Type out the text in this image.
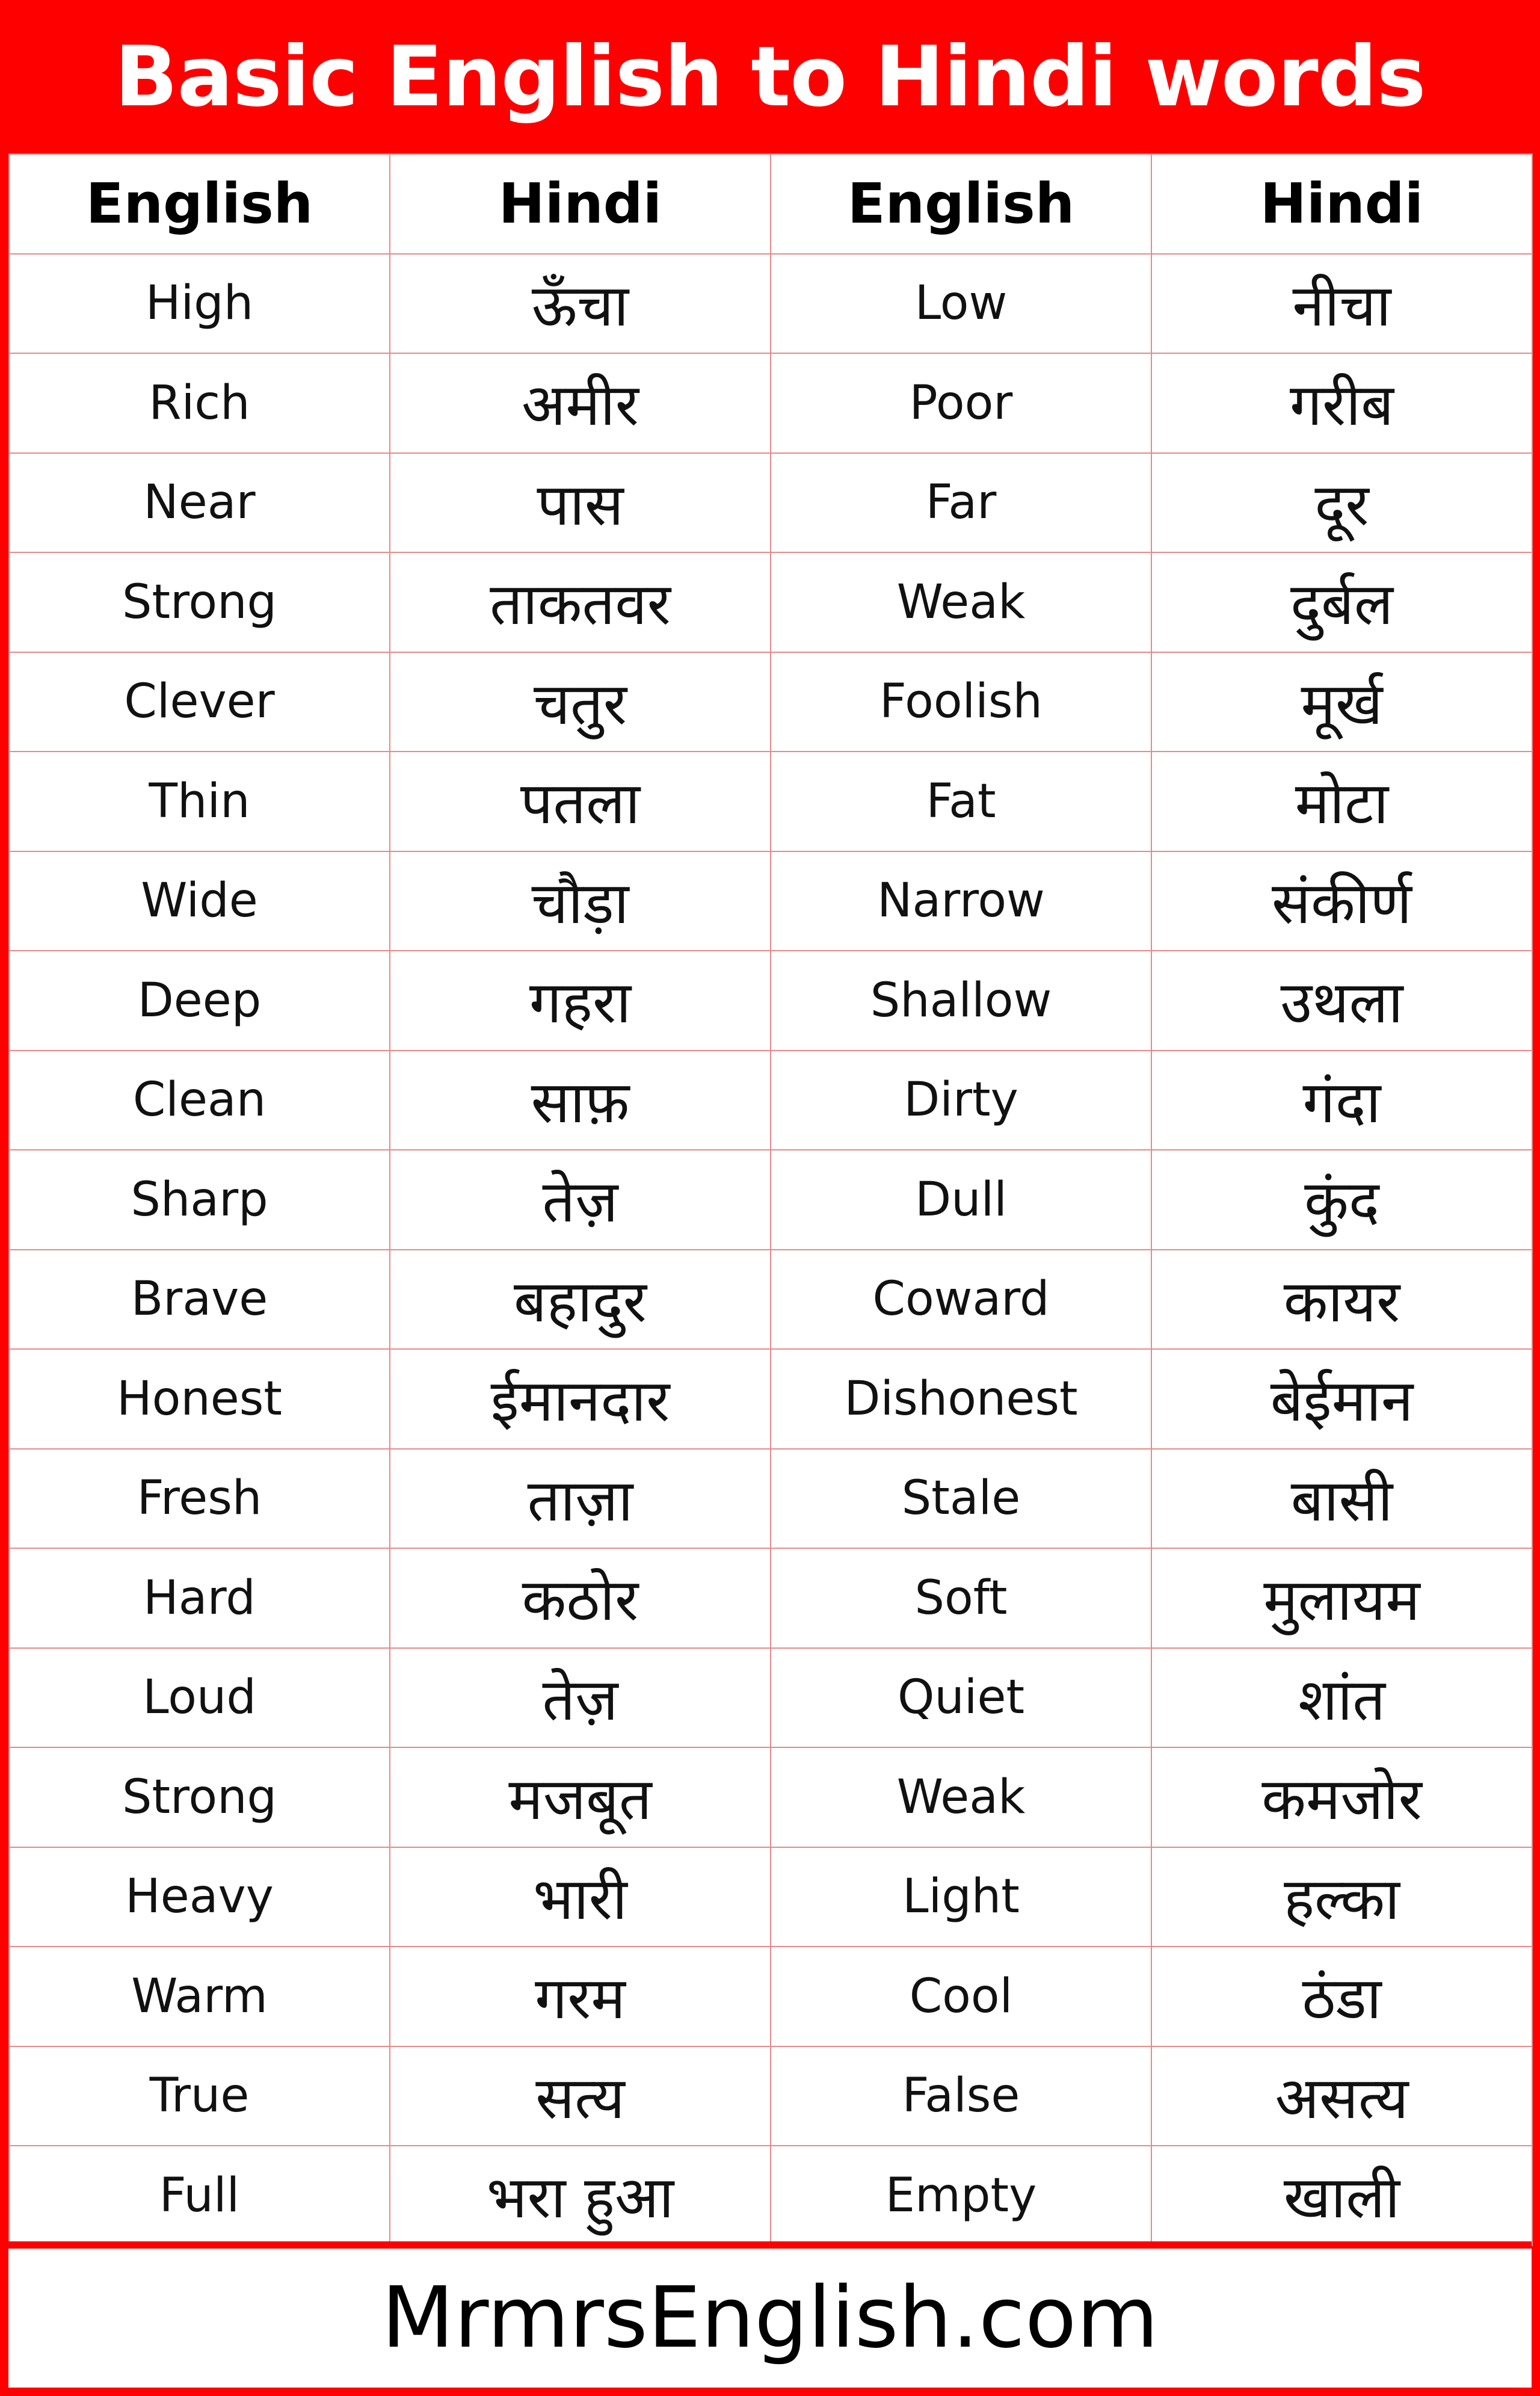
Basic English to Hindi words
English	Hindi	English	Hindi
High	ऊँचा	Low	नीचा
Rich	अमीर	Poor	गरीब
Near	पास	Far	दूर
Strong	ताकतवर	Weak	दुर्बल
Clever	चतुर	Foolish	मूर्ख
Thin	पतला	Fat	मोटा
Wide	चौड़ा	Narrow	संकीर्ण
Deep	गहरा	Shallow	उथला
Clean	साफ़	Dirty	गंदा
Sharp	तेज़	Dull	कुंद
Brave	बहादुर	Coward	कायर
Honest	ईमानदार	Dishonest	बेईमान
Fresh	ताज़ा	Stale	बासी
Hard	कठोर	Soft	मुलायम
Loud	तेज़	Quiet	शांत
Strong	मजबूत	Weak	कमजोर
Heavy	भारी	Light	हल्का
Warm	गरम	Cool	ठंडा
True	सत्य	False	असत्य
Full	भरा हुआ	Empty	खाली
MrmrsEnglish.com
